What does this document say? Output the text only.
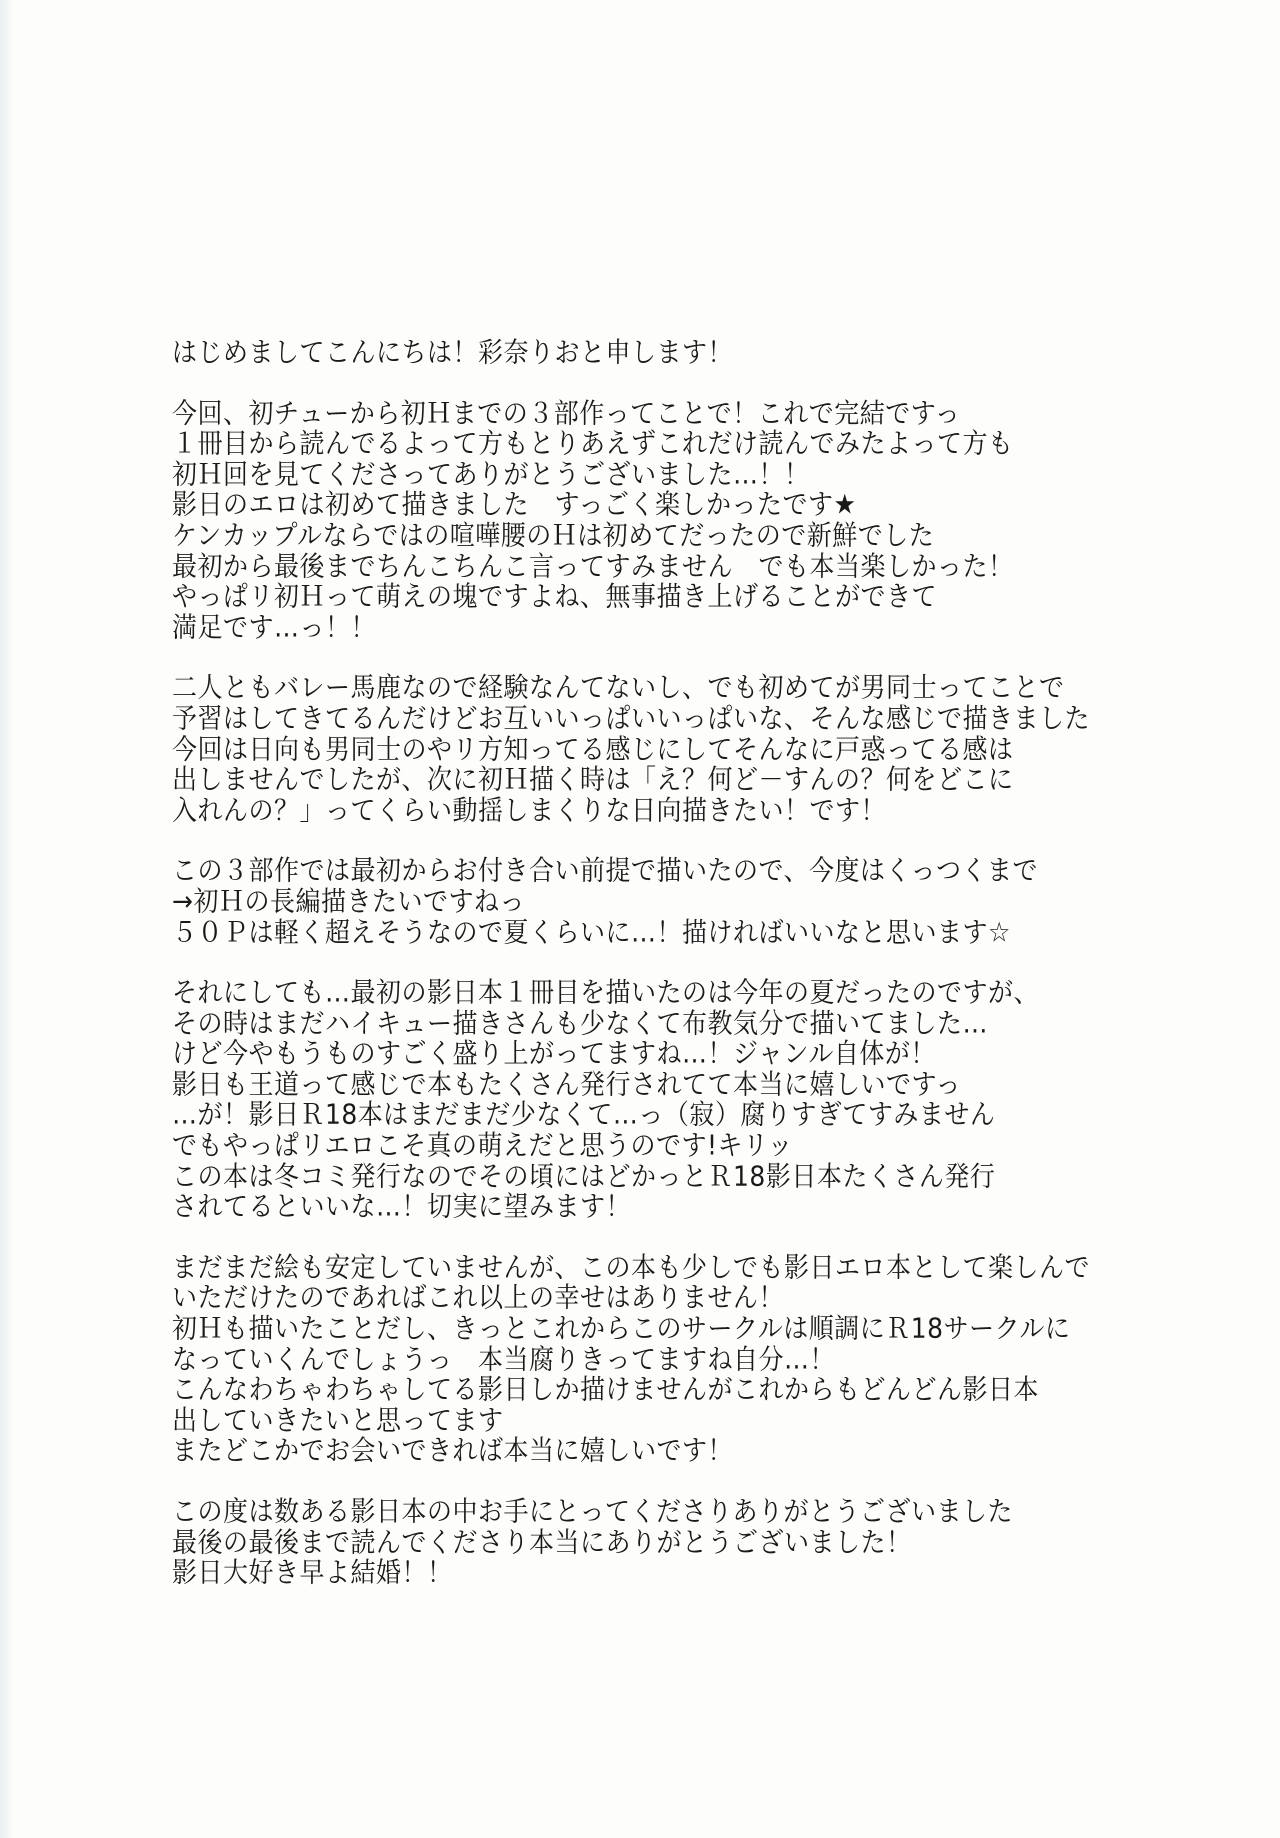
はじめましてこんにちは！彩奈りおと申します！
今回、初チューから初Ｈまでの３部作ってことで！これで完結ですっ
１冊目から読んでるよって方もとりあえずこれだけ読んでみたよって方も
初Ｈ回を見てくださってありがとうございました…！！
影日のエロは初めて描きました　すっごく楽しかったです★
ケンカップルならではの喧嘩腰のＨは初めてだったので新鮮でした
最初から最後までちんこちんこ言ってすみません　でも本当楽しかった！
やっぱリ初Ｈって萌えの塊ですよね、無事描き上げることができて
満足です…っ！！
二人ともバレー馬鹿なので経験なんてないし、でも初めてが男同士ってことで
予習はしてきてるんだけどお互いいっぱいいっぱいな、そんな感じで描きました
今回は日向も男同士のやリ方知ってる感じにしてそんなに戸惑ってる感は
出しませんでしたが、次に初Ｈ描く時は「え？何ど－すんの？何をどこに
入れんの？」ってくらい動揺しまくりな日向描きたい！です！
この３部作では最初からお付き合い前提で描いたので、今度はくっつくまで
→初Ｈの長編描きたいですねっ
５０Ｐは軽く超えそうなので夏くらいに…！描ければいいなと思います☆
それにしても…最初の影日本１冊目を描いたのは今年の夏だったのですが、
その時はまだハイキュー描きさんも少なくて布教気分で描いてました…
けど今やもうものすごく盛り上がってますね…！ジャンル自体が！
影日も王道って感じで本もたくさん発行されてて本当に嬉しいですっ
…が！影日Ｒ18本はまだまだ少なくて…っ（寂）腐りすぎてすみません
でもやっぱリエロこそ真の萌えだと思うのです!キリッ
この本は冬コミ発行なのでその頃にはどかっとＲ18影日本たくさん発行
されてるといいな…！切実に望みます！
まだまだ絵も安定していませんが、この本も少しでも影日エロ本として楽しんで
いただけたのであればこれ以上の幸せはありません！
初Ｈも描いたことだし、きっとこれからこのサークルは順調にＲ18サークルに
なっていくんでしょうっ　本当腐りきってますね自分…！
こんなわちゃわちゃしてる影日しか描けませんがこれからもどんどん影日本
出していきたいと思ってます
またどこかでお会いできれば本当に嬉しいです！
この度は数ある影日本の中お手にとってくださりありがとうございました
最後の最後まで読んでくださり本当にありがとうございました！
影日大好き早よ結婚！！
